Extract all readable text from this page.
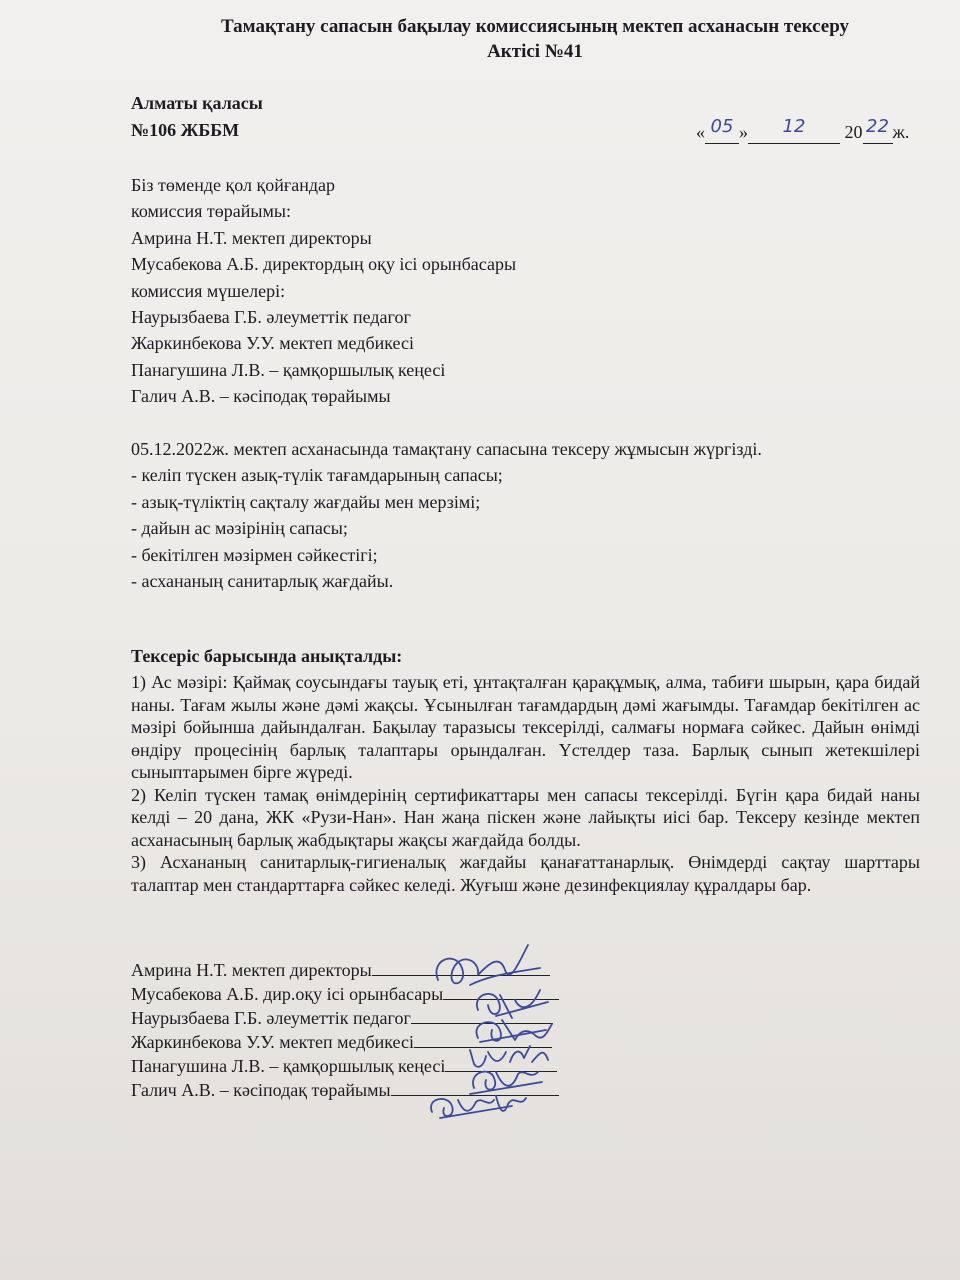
Тамақтану сапасын бақылау комиссиясының мектеп асханасын тексеру
Актісі №41
Алматы қаласы
№106 ЖББМ	« 05 » 12 20 22 ж.
Біз төменде қол қойғандар
комиссия төрайымы:
Амрина Н.Т. мектеп директоры
Мусабекова А.Б. директордың оқу ісі орынбасары
комиссия мүшелері:
Наурызбаева Г.Б. әлеуметтік педагог
Жаркинбекова У.У. мектеп медбикесі
Панагушина Л.В. – қамқоршылық кеңесі
Галич А.В. – кәсіподақ төрайымы
05.12.2022ж. мектеп асханасында тамақтану сапасына тексеру жұмысын жүргізді.
- келіп түскен азық-түлік тағамдарының сапасы;
- азық-түліктің сақталу жағдайы мен мерзімі;
- дайын ас мәзірінің сапасы;
- бекітілген мәзірмен сәйкестігі;
- асхананың санитарлық жағдайы.
Тексеріс барысында анықталды:

1) Ас мәзірі: Қаймақ соусындағы тауық еті, ұнтақталған қарақұмық, алма, табиғи шырын, қара бидай наны. Тағам жылы және дәмі жақсы. Ұсынылған тағамдардың дәмі жағымды. Тағамдар бекітілген ас мәзірі бойынша дайындалған. Бақылау таразысы тексерілді, салмағы нормаға сәйкес. Дайын өнімді өндіру процесінің барлық талаптары орындалған. Үстелдер таза. Барлық сынып жетекшілері сыныптарымен бірге жүреді.

2) Келіп түскен тамақ өнімдерінің сертификаттары мен сапасы тексерілді. Бүгін қара бидай наны келді – 20 дана, ЖК «Рузи-Нан». Нан жаңа піскен және лайықты иісі бар. Тексеру кезінде мектеп асханасының барлық жабдықтары жақсы жағдайда болды.

3) Асхананың санитарлық-гигиеналық жағдайы қанағаттанарлық. Өнімдерді сақтау шарттары талаптар мен стандарттарға сәйкес келеді. Жуғыш және дезинфекциялау құралдары бар.

Амрина Н.Т. мектеп директоры
Мусабекова А.Б. дир.оқу ісі орынбасары
Наурызбаева Г.Б. әлеуметтік педагог
Жаркинбекова У.У. мектеп медбикесі
Панагушина Л.В. – қамқоршылық кеңесі
Галич А.В. – кәсіподақ төрайымы
